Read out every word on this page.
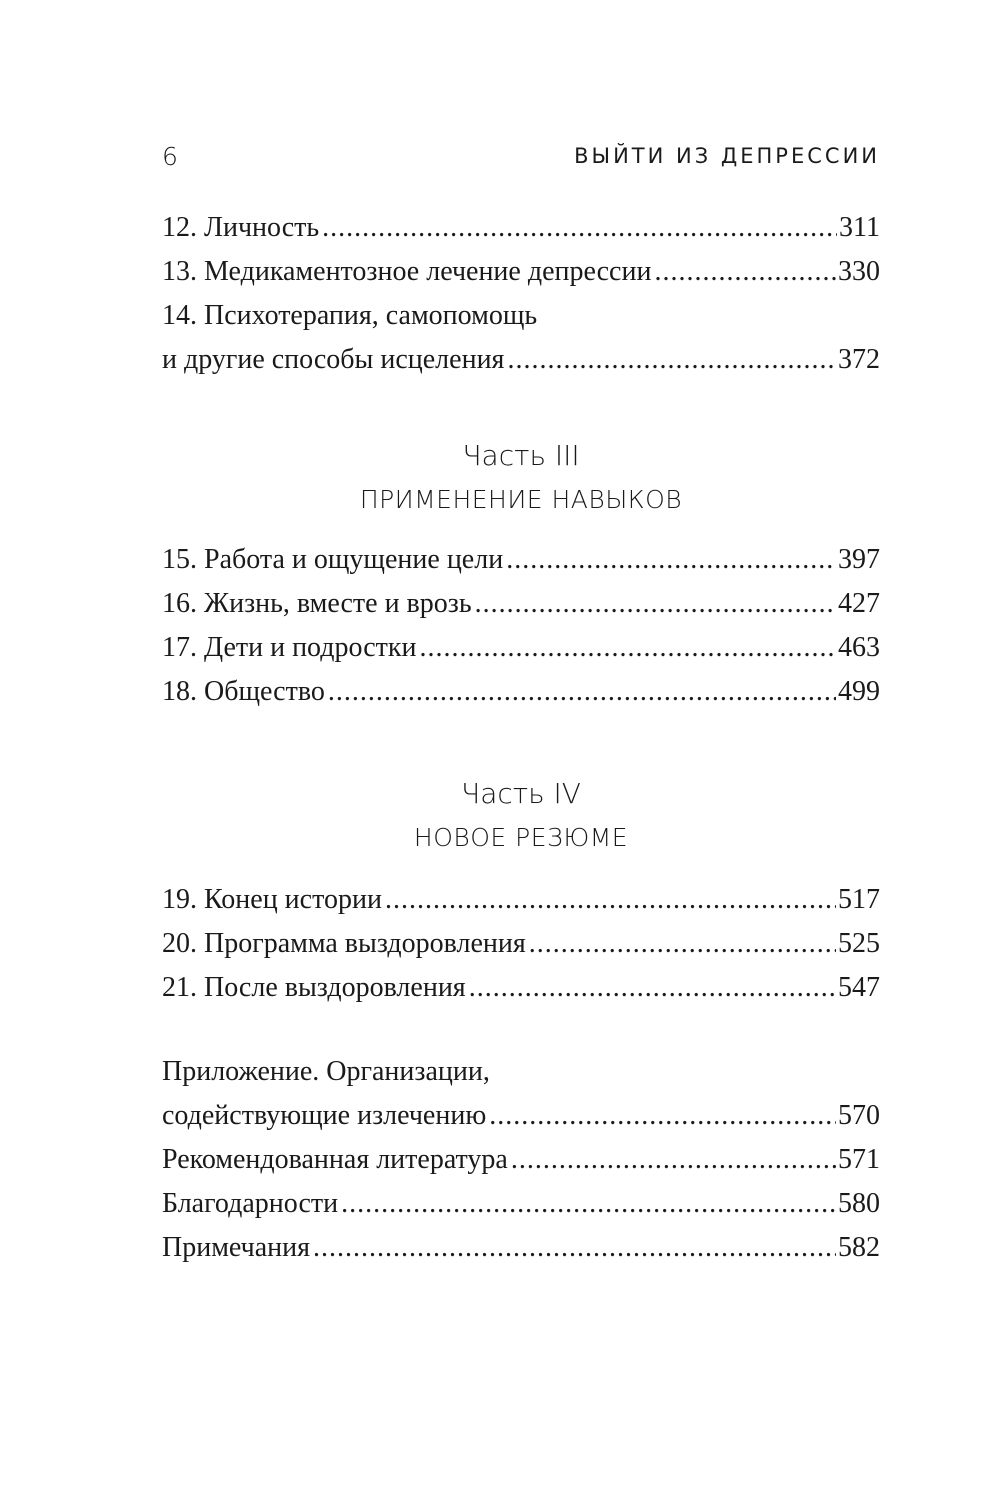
6	ВЫЙТИ ИЗ ДЕПРЕССИИ
12. Личность .....	311
13. Медикаментозное лечение депрессии .....	330
14. Психотерапия, самопомощь
и другие способы исцеления .....	372
Часть III
ПРИМЕНЕНИЕ НАВЫКОВ
15. Работа и ощущение цели .....	397
16. Жизнь, вместе и врозь .....	427
17. Дети и подростки .....	463
18. Общество .....	499
Часть IV
НОВОЕ РЕЗЮМЕ
19. Конец истории .....	517
20. Программа выздоровления .....	525
21. После выздоровления .....	547
Приложение. Организации,
содействующие излечению .....	570
Рекомендованная литература .....	571
Благодарности .....	580
Примечания .....	582
